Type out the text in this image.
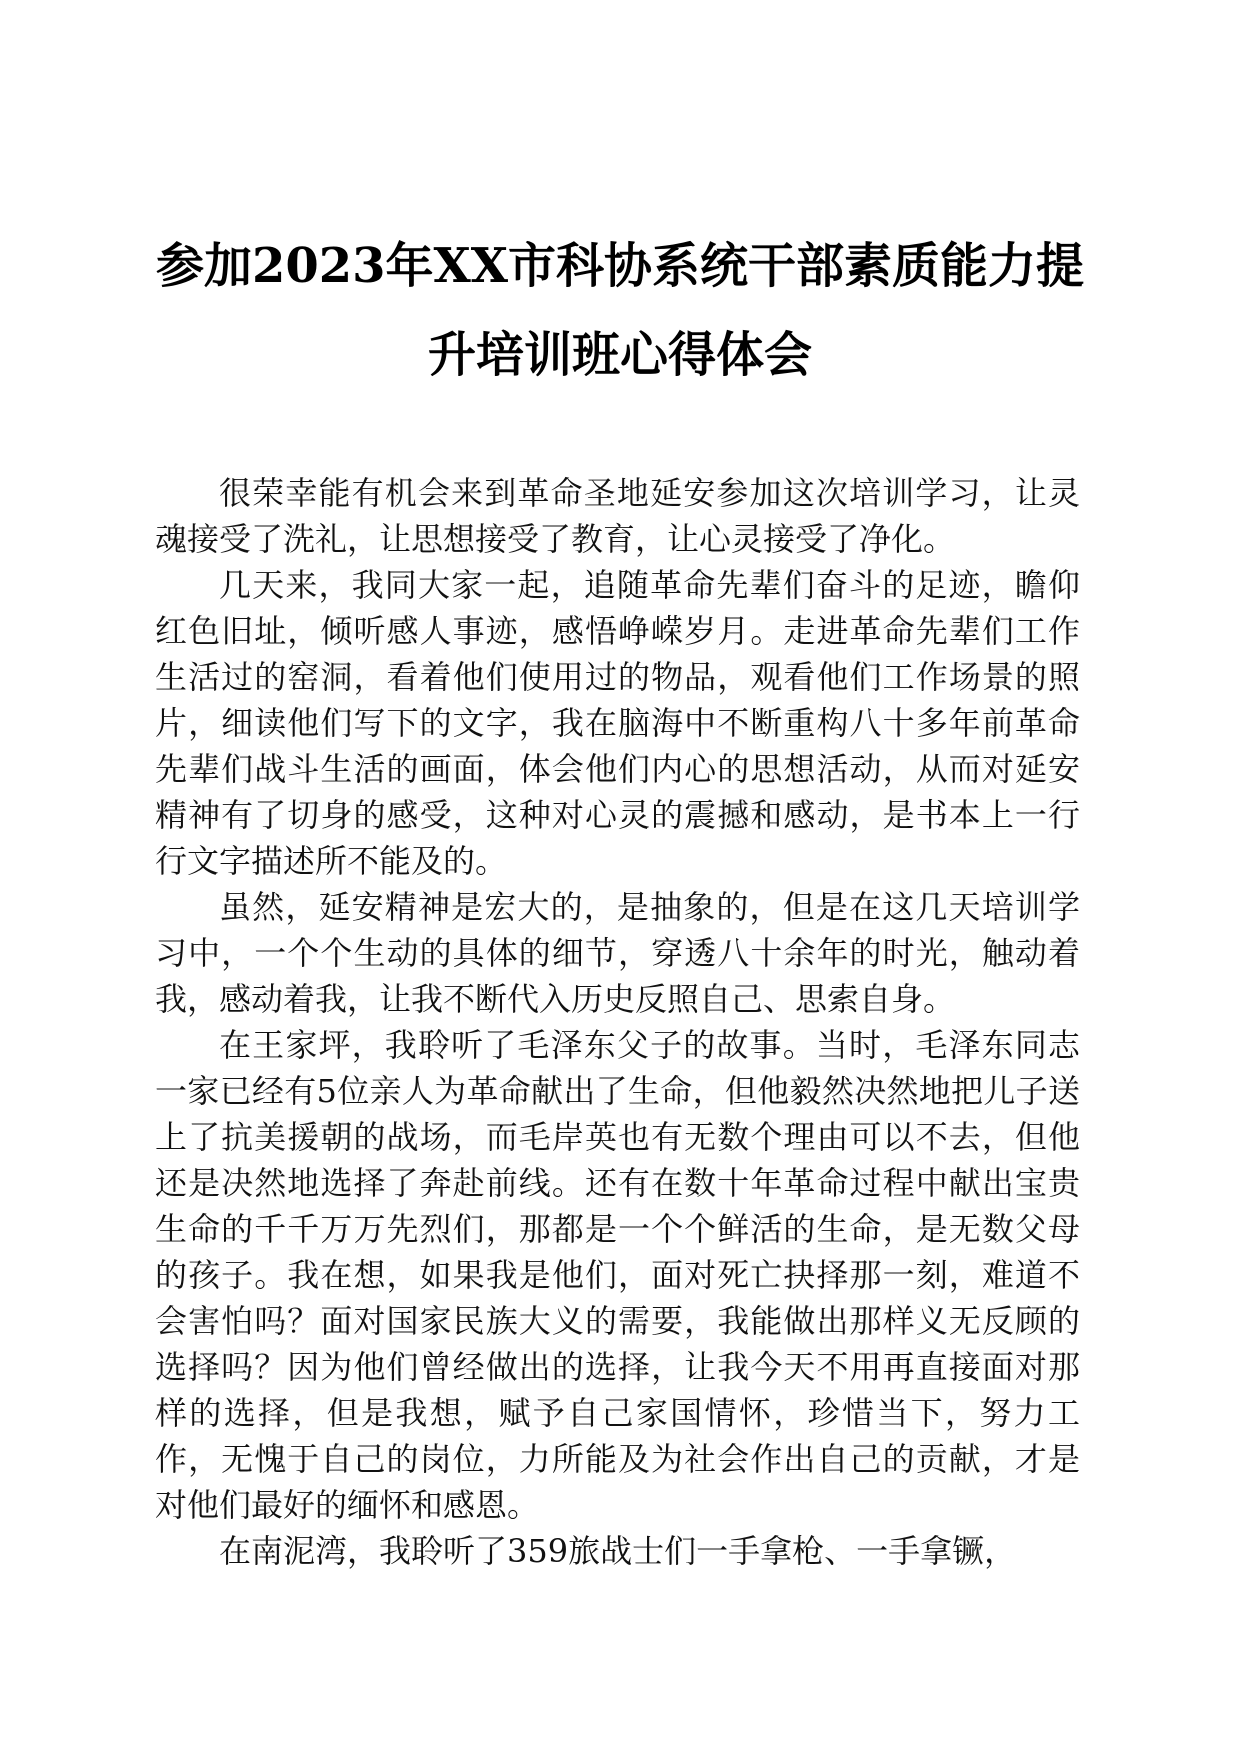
参加2023年XX市科协系统干部素质能力提
升培训班心得体会

很荣幸能有机会来到革命圣地延安参加这次培训学习，让灵魂接受了洗礼，让思想接受了教育，让心灵接受了净化。

几天来，我同大家一起，追随革命先辈们奋斗的足迹，瞻仰红色旧址，倾听感人事迹，感悟峥嵘岁月。走进革命先辈们工作生活过的窑洞，看着他们使用过的物品，观看他们工作场景的照片，细读他们写下的文字，我在脑海中不断重构八十多年前革命先辈们战斗生活的画面，体会他们内心的思想活动，从而对延安精神有了切身的感受，这种对心灵的震撼和感动，是书本上一行行文字描述所不能及的。

虽然，延安精神是宏大的，是抽象的，但是在这几天培训学习中，一个个生动的具体的细节，穿透八十余年的时光，触动着我，感动着我，让我不断代入历史反照自己、思索自身。

在王家坪，我聆听了毛泽东父子的故事。当时，毛泽东同志一家已经有5位亲人为革命献出了生命，但他毅然决然地把儿子送上了抗美援朝的战场，而毛岸英也有无数个理由可以不去，但他还是决然地选择了奔赴前线。还有在数十年革命过程中献出宝贵生命的千千万万先烈们，那都是一个个鲜活的生命，是无数父母的孩子。我在想，如果我是他们，面对死亡抉择那一刻，难道不会害怕吗？面对国家民族大义的需要，我能做出那样义无反顾的选择吗？因为他们曾经做出的选择，让我今天不用再直接面对那样的选择，但是我想，赋予自己家国情怀，珍惜当下，努力工作，无愧于自己的岗位，力所能及为社会作出自己的贡献，才是对他们最好的缅怀和感恩。

在南泥湾，我聆听了359旅战士们一手拿枪、一手拿镢，
